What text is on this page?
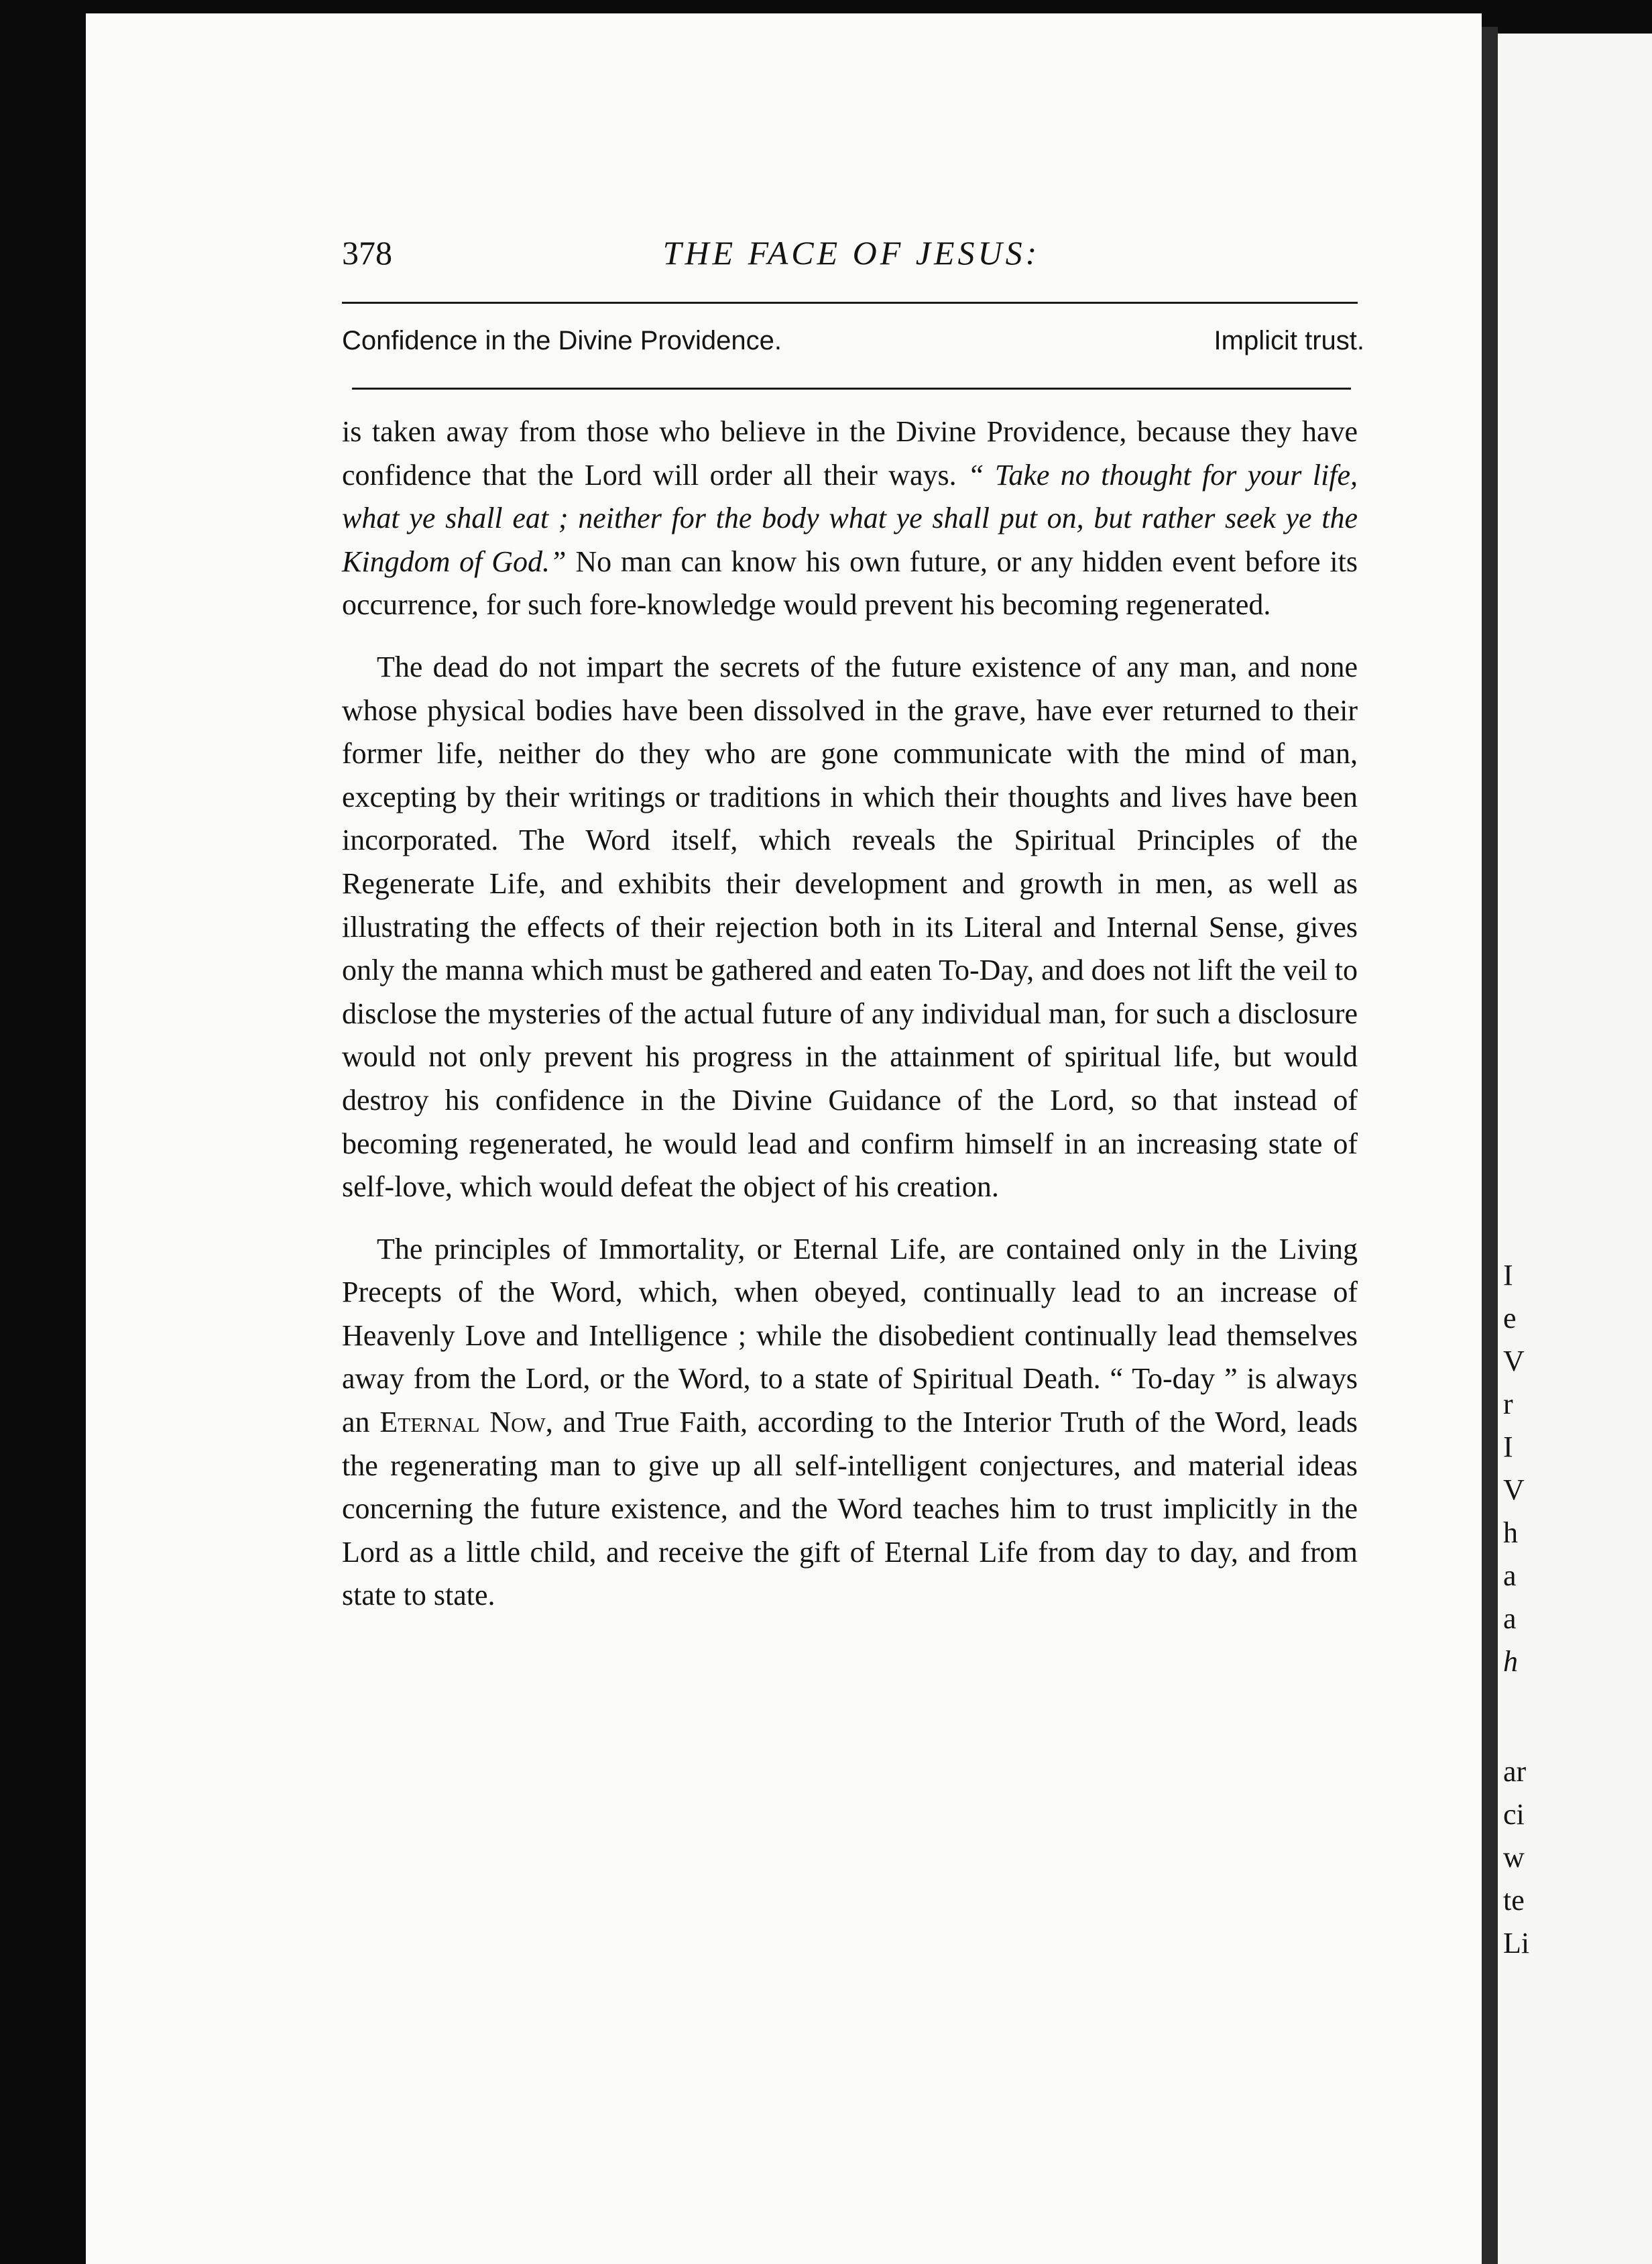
I
e
V
r
I
V
h
a
a
h
ar
ci
w
te
Li
378	THE FACE OF JESUS:
Confidence in the Divine Providence.	Implicit trust.

is taken away from those who believe in the Divine Providence, because they have confidence that the Lord will order all their ways. “ Take no thought for your life, what ye shall eat ; neither for the body what ye shall put on, but rather seek ye the Kingdom of God.” No man can know his own future, or any hidden event before its occurrence, for such fore-knowledge would prevent his becoming regenerated.

The dead do not impart the secrets of the future existence of any man, and none whose physical bodies have been dissolved in the grave, have ever returned to their former life, neither do they who are gone communicate with the mind of man, excepting by their writings or traditions in which their thoughts and lives have been incorporated. The Word itself, which reveals the Spiritual Principles of the Regenerate Life, and exhibits their development and growth in men, as well as illustrating the effects of their rejection both in its Literal and Internal Sense, gives only the manna which must be gathered and eaten To-Day, and does not lift the veil to disclose the mysteries of the actual future of any individual man, for such a disclosure would not only prevent his progress in the attainment of spiritual life, but would destroy his confidence in the Divine Guidance of the Lord, so that instead of becoming regenerated, he would lead and confirm himself in an increasing state of self-love, which would defeat the object of his creation.

The principles of Immortality, or Eternal Life, are contained only in the Living Precepts of the Word, which, when obeyed, continually lead to an increase of Heavenly Love and Intelligence ; while the disobedient continually lead themselves away from the Lord, or the Word, to a state of Spiritual Death. “ To-day ” is always an Eternal Now, and True Faith, according to the Interior Truth of the Word, leads the regenerating man to give up all self-intelligent conjectures, and material ideas concerning the future existence, and the Word teaches him to trust implicitly in the Lord as a little child, and receive the gift of Eternal Life from day to day, and from state to state.
